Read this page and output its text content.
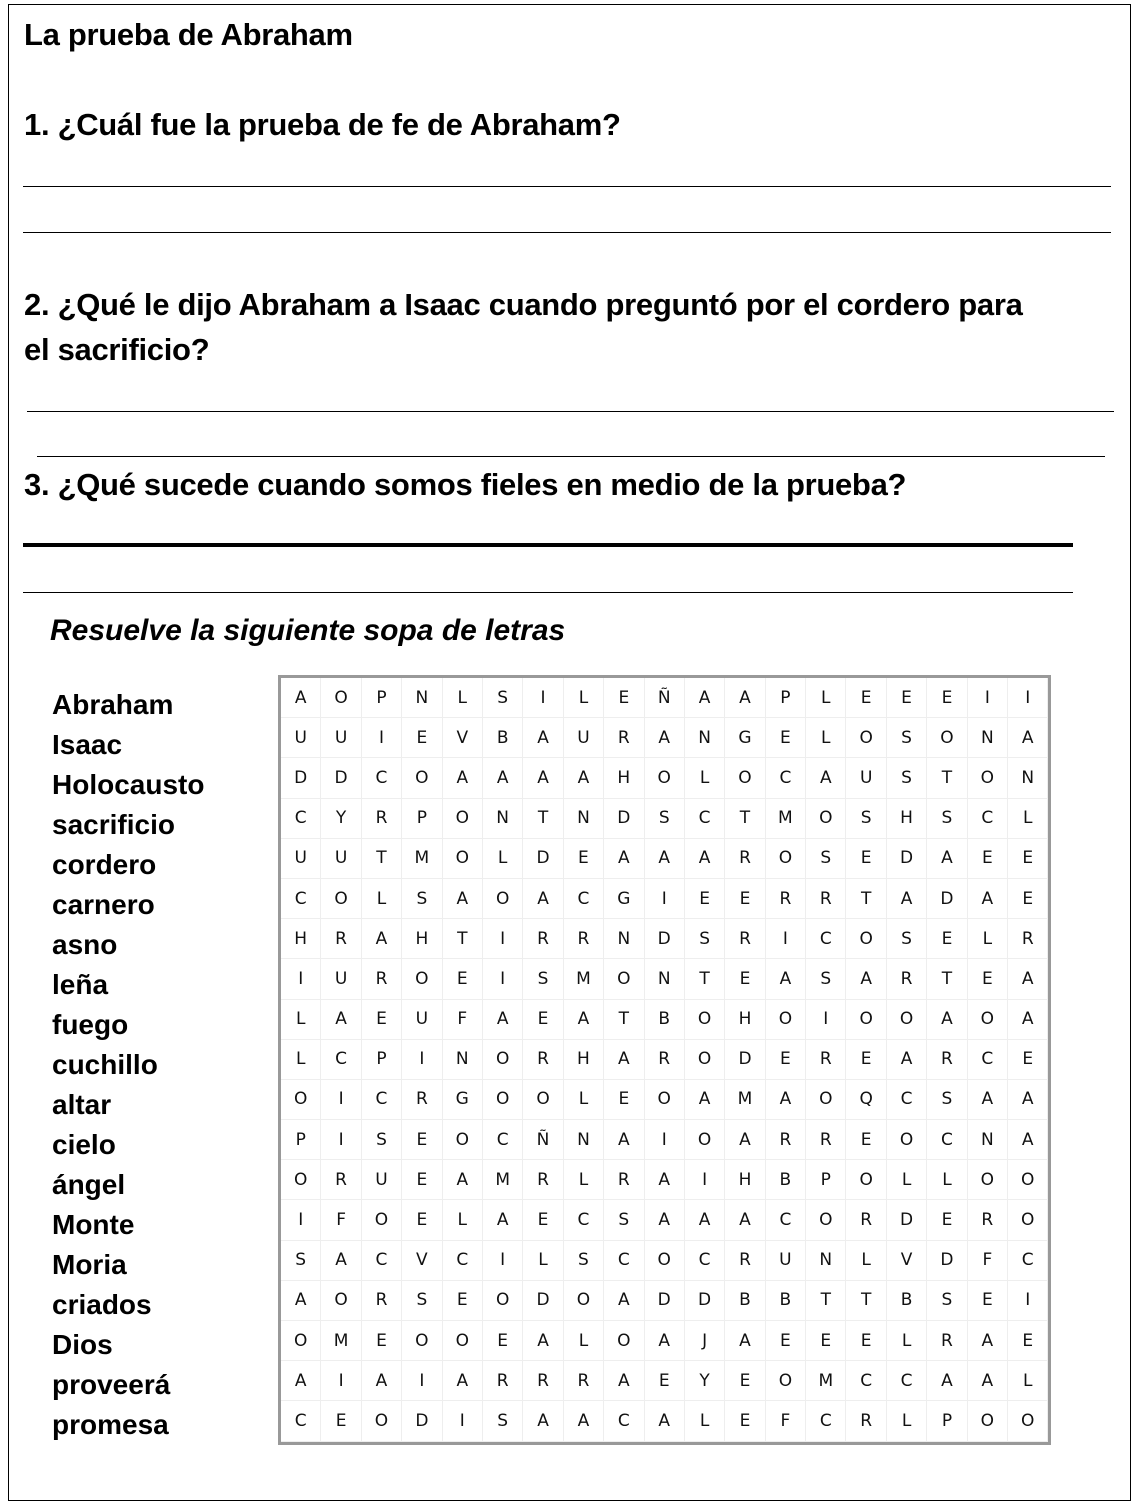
La prueba de Abraham
1. ¿Cuál fue la prueba de fe de Abraham?
2. ¿Qué le dijo Abraham a Isaac cuando preguntó por el cordero para
el sacrificio?
3. ¿Qué sucede cuando somos fieles en medio de la prueba?
Resuelve la siguiente sopa de letras
Abraham
Isaac
Holocausto
sacrificio
cordero
carnero
asno
leña
fuego
cuchillo
altar
cielo
ángel
Monte
Moria
criados
Dios
proveerá
promesa
A	O	P	N	L	S	I	L	E	Ñ	A	A	P	L	E	E	E	I	I
U	U	I	E	V	B	A	U	R	A	N	G	E	L	O	S	O	N	A
D	D	C	O	A	A	A	A	H	O	L	O	C	A	U	S	T	O	N
C	Y	R	P	O	N	T	N	D	S	C	T	M	O	S	H	S	C	L
U	U	T	M	O	L	D	E	A	A	A	R	O	S	E	D	A	E	E
C	O	L	S	A	O	A	C	G	I	E	E	R	R	T	A	D	A	E
H	R	A	H	T	I	R	R	N	D	S	R	I	C	O	S	E	L	R
I	U	R	O	E	I	S	M	O	N	T	E	A	S	A	R	T	E	A
L	A	E	U	F	A	E	A	T	B	O	H	O	I	O	O	A	O	A
L	C	P	I	N	O	R	H	A	R	O	D	E	R	E	A	R	C	E
O	I	C	R	G	O	O	L	E	O	A	M	A	O	Q	C	S	A	A
P	I	S	E	O	C	Ñ	N	A	I	O	A	R	R	E	O	C	N	A
O	R	U	E	A	M	R	L	R	A	I	H	B	P	O	L	L	O	O
I	F	O	E	L	A	E	C	S	A	A	A	C	O	R	D	E	R	O
S	A	C	V	C	I	L	S	C	O	C	R	U	N	L	V	D	F	C
A	O	R	S	E	O	D	O	A	D	D	B	B	T	T	B	S	E	I
O	M	E	O	O	E	A	L	O	A	J	A	E	E	E	L	R	A	E
A	I	A	I	A	R	R	R	A	E	Y	E	O	M	C	C	A	A	L
C	E	O	D	I	S	A	A	C	A	L	E	F	C	R	L	P	O	O
